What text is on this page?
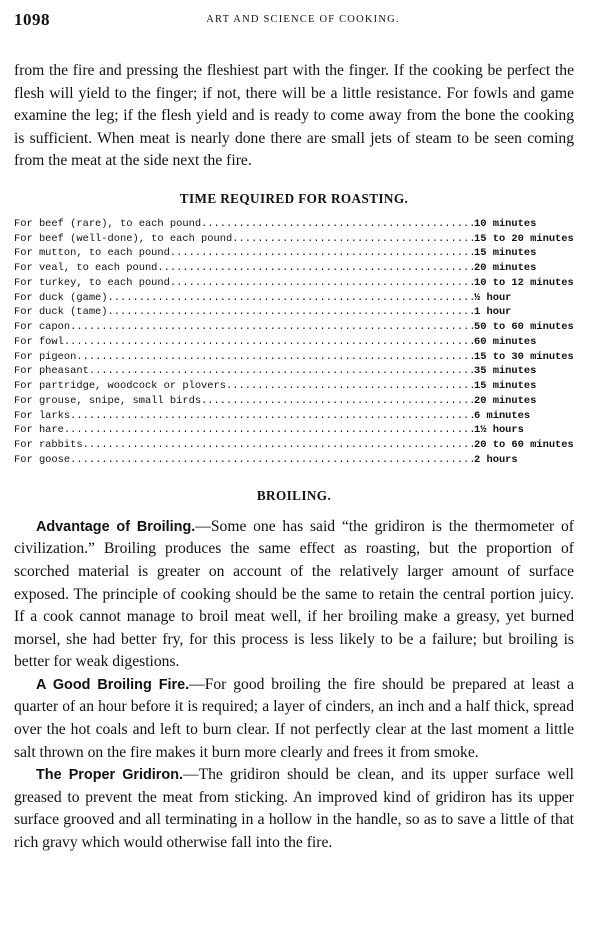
1098	ART AND SCIENCE OF COOKING.

from the fire and pressing the fleshiest part with the finger. If the cooking be perfect the flesh will yield to the finger; if not, there will be a little resistance. For fowls and game examine the leg; if the flesh yield and is ready to come away from the bone the cooking is sufficient. When meat is nearly done there are small jets of steam to be seen coming from the meat at the side next the fire.

TIME REQUIRED FOR ROASTING.
For beef (rare), to each pound .....	10 minutes
For beef (well-done), to each pound .....	15 to 20 minutes
For mutton, to each pound .....	15 minutes
For veal, to each pound .....	20 minutes
For turkey, to each pound .....	10 to 12 minutes
For duck (game) .....	½ hour
For duck (tame) .....	1 hour
For capon .....	50 to 60 minutes
For fowl .....	60 minutes
For pigeon .....	15 to 30 minutes
For pheasant .....	35 minutes
For partridge, woodcock or plovers .....	15 minutes
For grouse, snipe, small birds .....	20 minutes
For larks .....	6 minutes
For hare .....	1½ hours
For rabbits .....	20 to 60 minutes
For goose .....	2 hours
BROILING.

Advantage of Broiling.—Some one has said “the gridiron is the thermometer of civilization.” Broiling produces the same effect as roasting, but the proportion of scorched material is greater on account of the relatively larger amount of surface exposed. The principle of cooking should be the same to retain the central portion juicy. If a cook cannot manage to broil meat well, if her broiling make a greasy, yet burned morsel, she had better fry, for this process is less likely to be a failure; but broiling is better for weak digestions.

A Good Broiling Fire.—For good broiling the fire should be prepared at least a quarter of an hour before it is required; a layer of cinders, an inch and a half thick, spread over the hot coals and left to burn clear. If not perfectly clear at the last moment a little salt thrown on the fire makes it burn more clearly and frees it from smoke.

The Proper Gridiron.—The gridiron should be clean, and its upper surface well greased to prevent the meat from sticking. An improved kind of gridiron has its upper surface grooved and all terminating in a hollow in the handle, so as to save a little of that rich gravy which would otherwise fall into the fire.
